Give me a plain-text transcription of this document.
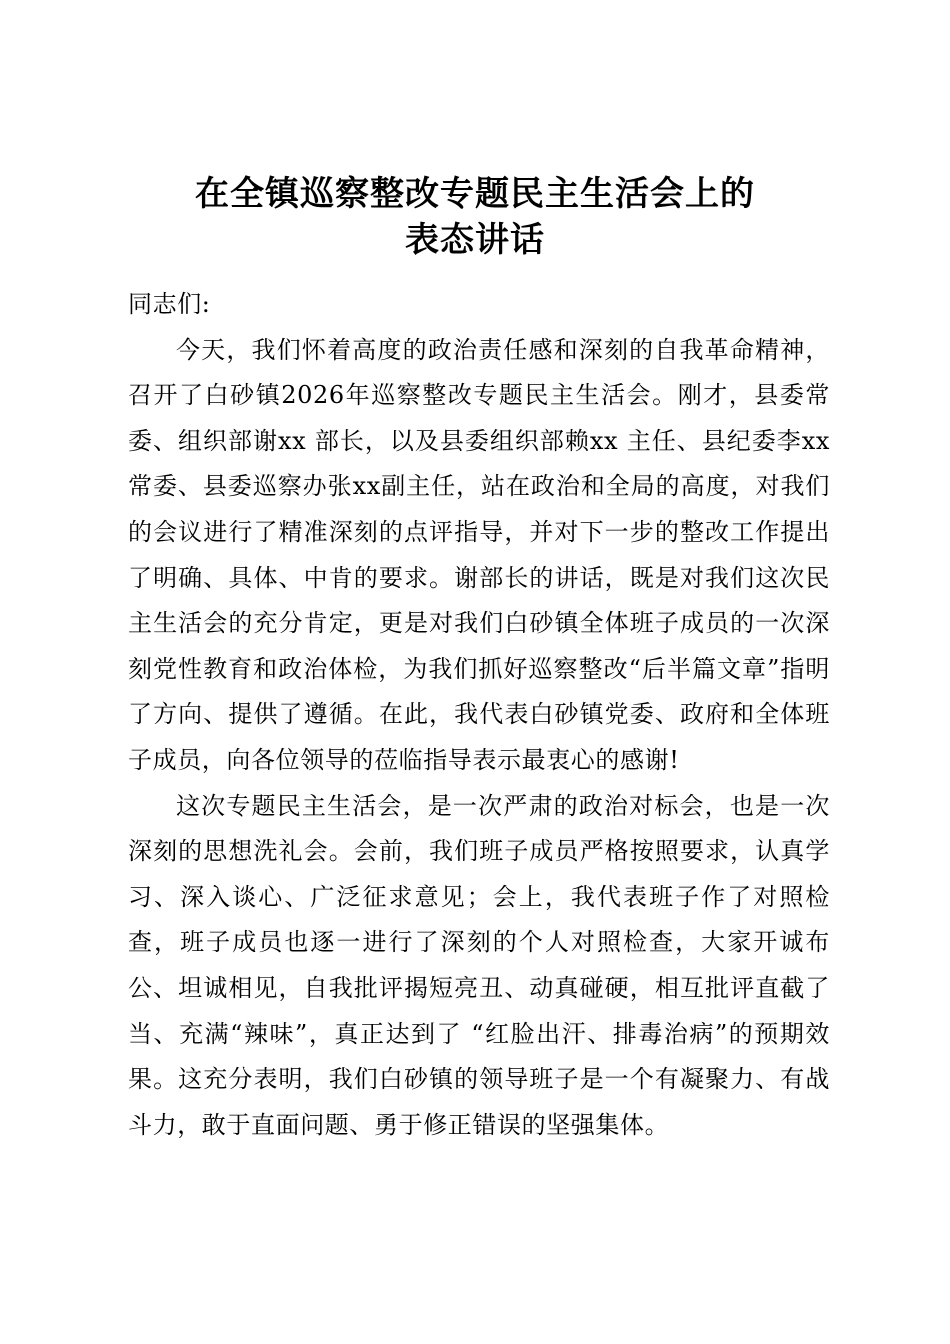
在全镇巡察整改专题民主生活会上的
表态讲话

同志们:

今天，我们怀着高度的政治责任感和深刻的自我革命精神，召开了白砂镇2026年巡察整改专题民主生活会。刚才，县委常委、组织部谢xx 部长，以及县委组织部赖xx 主任、县纪委李xx 常委、县委巡察办张xx副主任，站在政治和全局的高度，对我们的会议进行了精准深刻的点评指导，并对下一步的整改工作提出了明确、具体、中肯的要求。谢部长的讲话，既是对我们这次民主生活会的充分肯定，更是对我们白砂镇全体班子成员的一次深刻党性教育和政治体检，为我们抓好巡察整改“后半篇文章”指明了方向、提供了遵循。在此，我代表白砂镇党委、政府和全体班子成员，向各位领导的莅临指导表示最衷心的感谢!

这次专题民主生活会，是一次严肃的政治对标会，也是一次深刻的思想洗礼会。会前，我们班子成员严格按照要求，认真学习、深入谈心、广泛征求意见；会上，我代表班子作了对照检查，班子成员也逐一进行了深刻的个人对照检查，大家开诚布公、坦诚相见，自我批评揭短亮丑、动真碰硬，相互批评直截了当、充满“辣味”，真正达到了 “红脸出汗、排毒治病”的预期效果。这充分表明，我们白砂镇的领导班子是一个有凝聚力、有战斗力，敢于直面问题、勇于修正错误的坚强集体。
